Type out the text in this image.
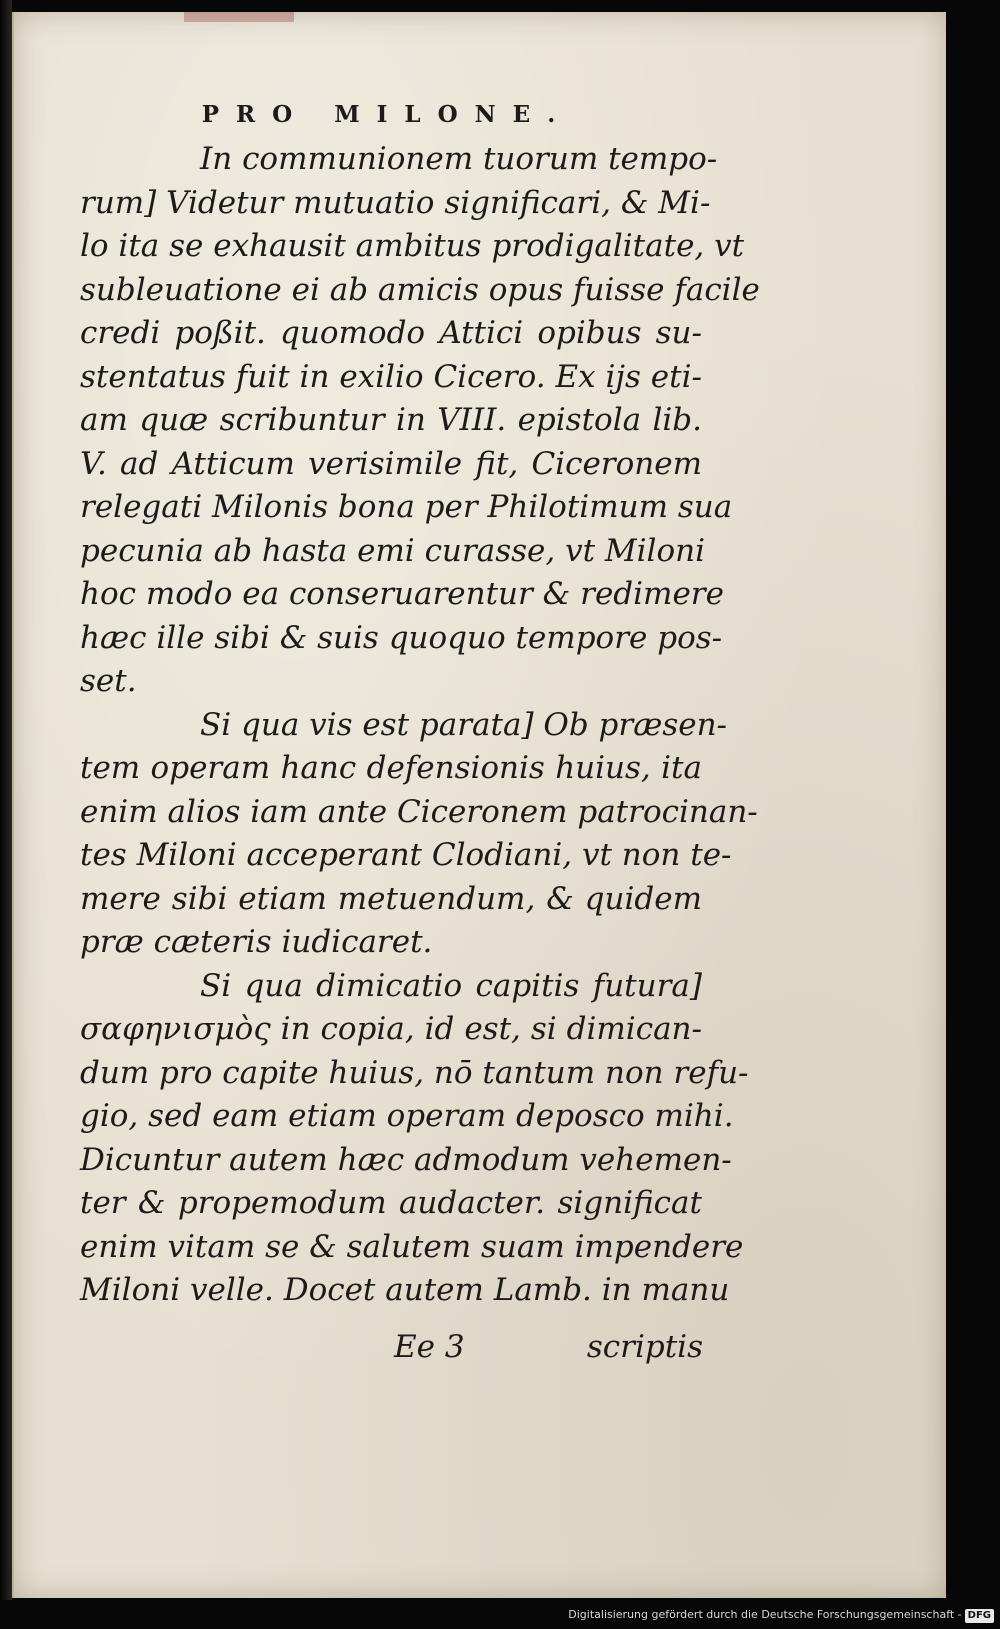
PRO MILONE.
In communionem tuorum tempo-
rum] Videtur mutuatio significari, & Mi-
lo ita se exhausit ambitus prodigalitate, vt
subleuatione ei ab amicis opus fuisse facile
credi poßit. quomodo Attici opibus su-
stentatus fuit in exilio Cicero. Ex ijs eti-
am quæ scribuntur in VIII. epistola lib.
V. ad Atticum verisimile fit, Ciceronem
relegati Milonis bona per Philotimum sua
pecunia ab hasta emi curasse, vt Miloni
hoc modo ea conseruarentur & redimere
hæc ille sibi & suis quoquo tempore pos-
set.
Si qua vis est parata] Ob præsen-
tem operam hanc defensionis huius, ita
enim alios iam ante Ciceronem patrocinan-
tes Miloni acceperant Clodiani, vt non te-
mere sibi etiam metuendum, & quidem
præ cæteris iudicaret.
Si qua dimicatio capitis futura]
σαφηνισμὸς in copia, id est, si dimican-
dum pro capite huius, nō tantum non refu-
gio, sed eam etiam operam deposco mihi.
Dicuntur autem hæc admodum vehemen-
ter & propemodum audacter. significat
enim vitam se & salutem suam impendere
Miloni velle. Docet autem Lamb. in manu
Ee 3	scriptis
Digitalisierung gefördert durch die Deutsche Forschungsgemeinschaft - DFG
